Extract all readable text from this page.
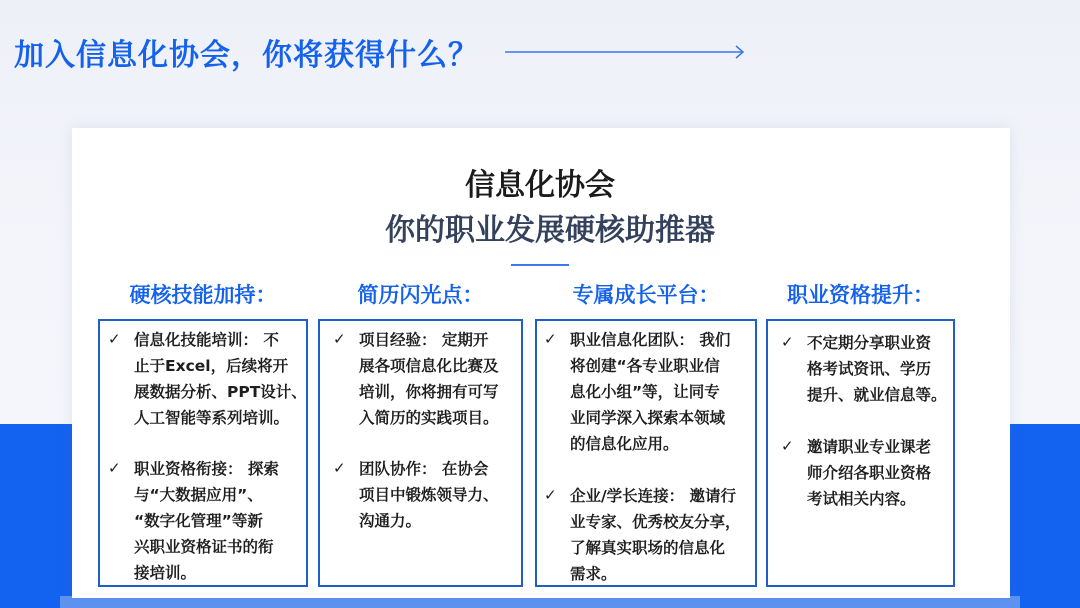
加入信息化协会，你将获得什么？
信息化协会
你的职业发展硬核助推器
硬核技能加持：
✓ 信息化技能培训： 不
止于Excel，后续将开
展数据分析、PPT设计、
人工智能等系列培训。
✓ 职业资格衔接： 探索
与“大数据应用”、
“数字化管理”等新
兴职业资格证书的衔
接培训。
简历闪光点：
✓ 项目经验： 定期开
展各项信息化比赛及
培训，你将拥有可写
入简历的实践项目。
✓ 团队协作： 在协会
项目中锻炼领导力、
沟通力。
专属成长平台：
✓ 职业信息化团队： 我们
将创建“各专业职业信
息化小组”等，让同专
业同学深入探索本领域
的信息化应用。
✓ 企业/学长连接： 邀请行
业专家、优秀校友分享，
了解真实职场的信息化
需求。
职业资格提升：
✓ 不定期分享职业资
格考试资讯、学历
提升、就业信息等。
✓ 邀请职业专业课老
师介绍各职业资格
考试相关内容。
